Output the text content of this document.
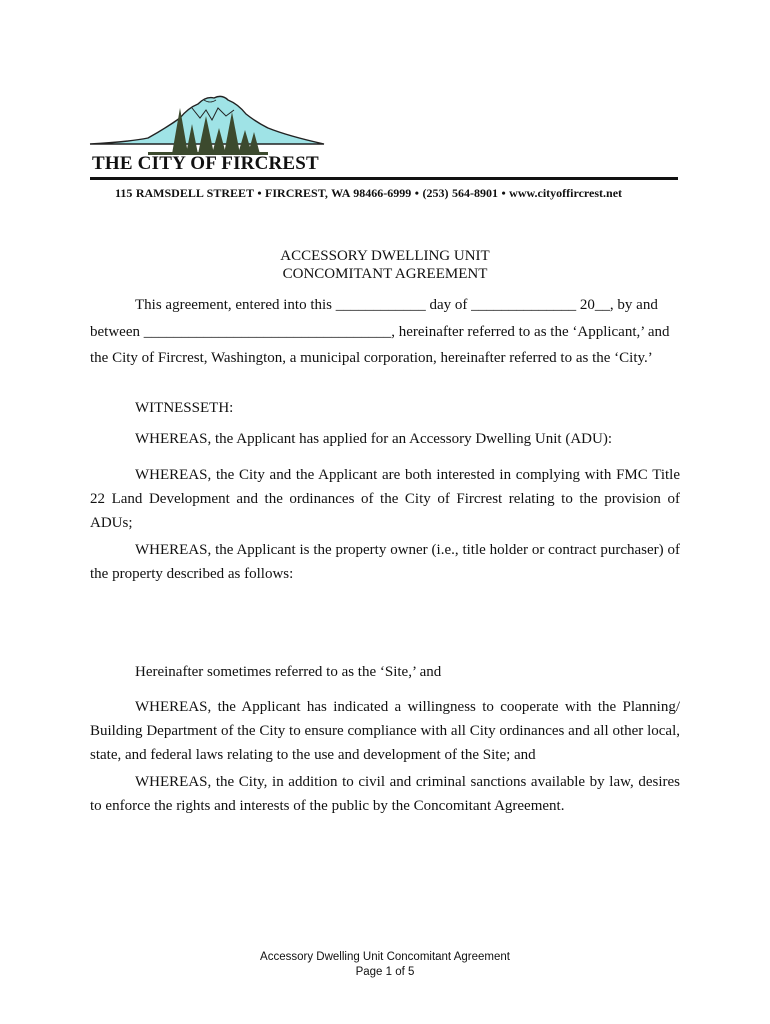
THE CITY OF FIRCREST
115 RAMSDELL STREET • FIRCREST, WA 98466-6999 • (253) 564-8901 • www.cityoffircrest.net
ACCESSORY DWELLING UNIT
CONCOMITANT AGREEMENT
This agreement, entered into this ____________ day of ______________ 20__, by and
between _________________________________, hereinafter referred to as the ‘Applicant,’ and
the City of Fircrest, Washington, a municipal corporation, hereinafter referred to as the ‘City.’
WITNESSETH:
WHEREAS, the Applicant has applied for an Accessory Dwelling Unit (ADU):
WHEREAS, the City and the Applicant are both interested in complying with FMC Title 22 Land Development and the ordinances of the City of Fircrest relating to the provision of ADUs;
WHEREAS, the Applicant is the property owner (i.e., title holder or contract purchaser) of the property described as follows:
Hereinafter sometimes referred to as the ‘Site,’ and
WHEREAS, the Applicant has indicated a willingness to cooperate with the Planning/ Building Department of the City to ensure compliance with all City ordinances and all other local, state, and federal laws relating to the use and development of the Site; and
WHEREAS, the City, in addition to civil and criminal sanctions available by law, desires to enforce the rights and interests of the public by the Concomitant Agreement.
Accessory Dwelling Unit Concomitant Agreement
Page 1 of 5
